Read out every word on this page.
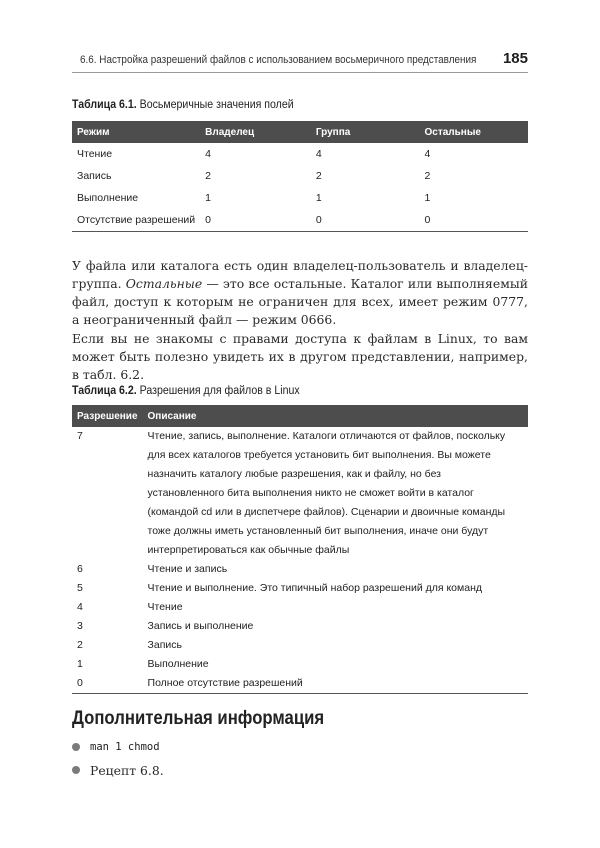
6.6. Настройка разрешений файлов с использованием восьмеричного представления 185
Таблица 6.1. Восьмеричные значения полей
Режим	Владелец	Группа	Остальные
Чтение	4	4	4
Запись	2	2	2
Выполнение	1	1	1
Отсутствие разрешений	0	0	0
У файла или каталога есть один владелец-пользователь и владелец-группа. Остальные — это все остальные. Каталог или выполняемый файл, доступ к которым не ограничен для всех, имеет режим 0777, а неограниченный файл — режим 0666.
Если вы не знакомы с правами доступа к файлам в Linux, то вам может быть полезно увидеть их в другом представлении, например, в табл. 6.2.
Таблица 6.2. Разрешения для файлов в Linux
Разрешение	Описание
7	Чтение, запись, выполнение. Каталоги отличаются от файлов, поскольку для всех каталогов требуется установить бит выполнения. Вы можете назначить каталогу любые разрешения, как и файлу, но без установленного бита выполнения никто не сможет войти в каталог (командой cd или в диспетчере файлов). Сценарии и двоичные команды тоже должны иметь установленный бит выполнения, иначе они будут интерпретироваться как обычные файлы
6	Чтение и запись
5	Чтение и выполнение. Это типичный набор разрешений для команд
4	Чтение
3	Запись и выполнение
2	Запись
1	Выполнение
0	Полное отсутствие разрешений
Дополнительная информация
man 1 chmod
Рецепт 6.8.
